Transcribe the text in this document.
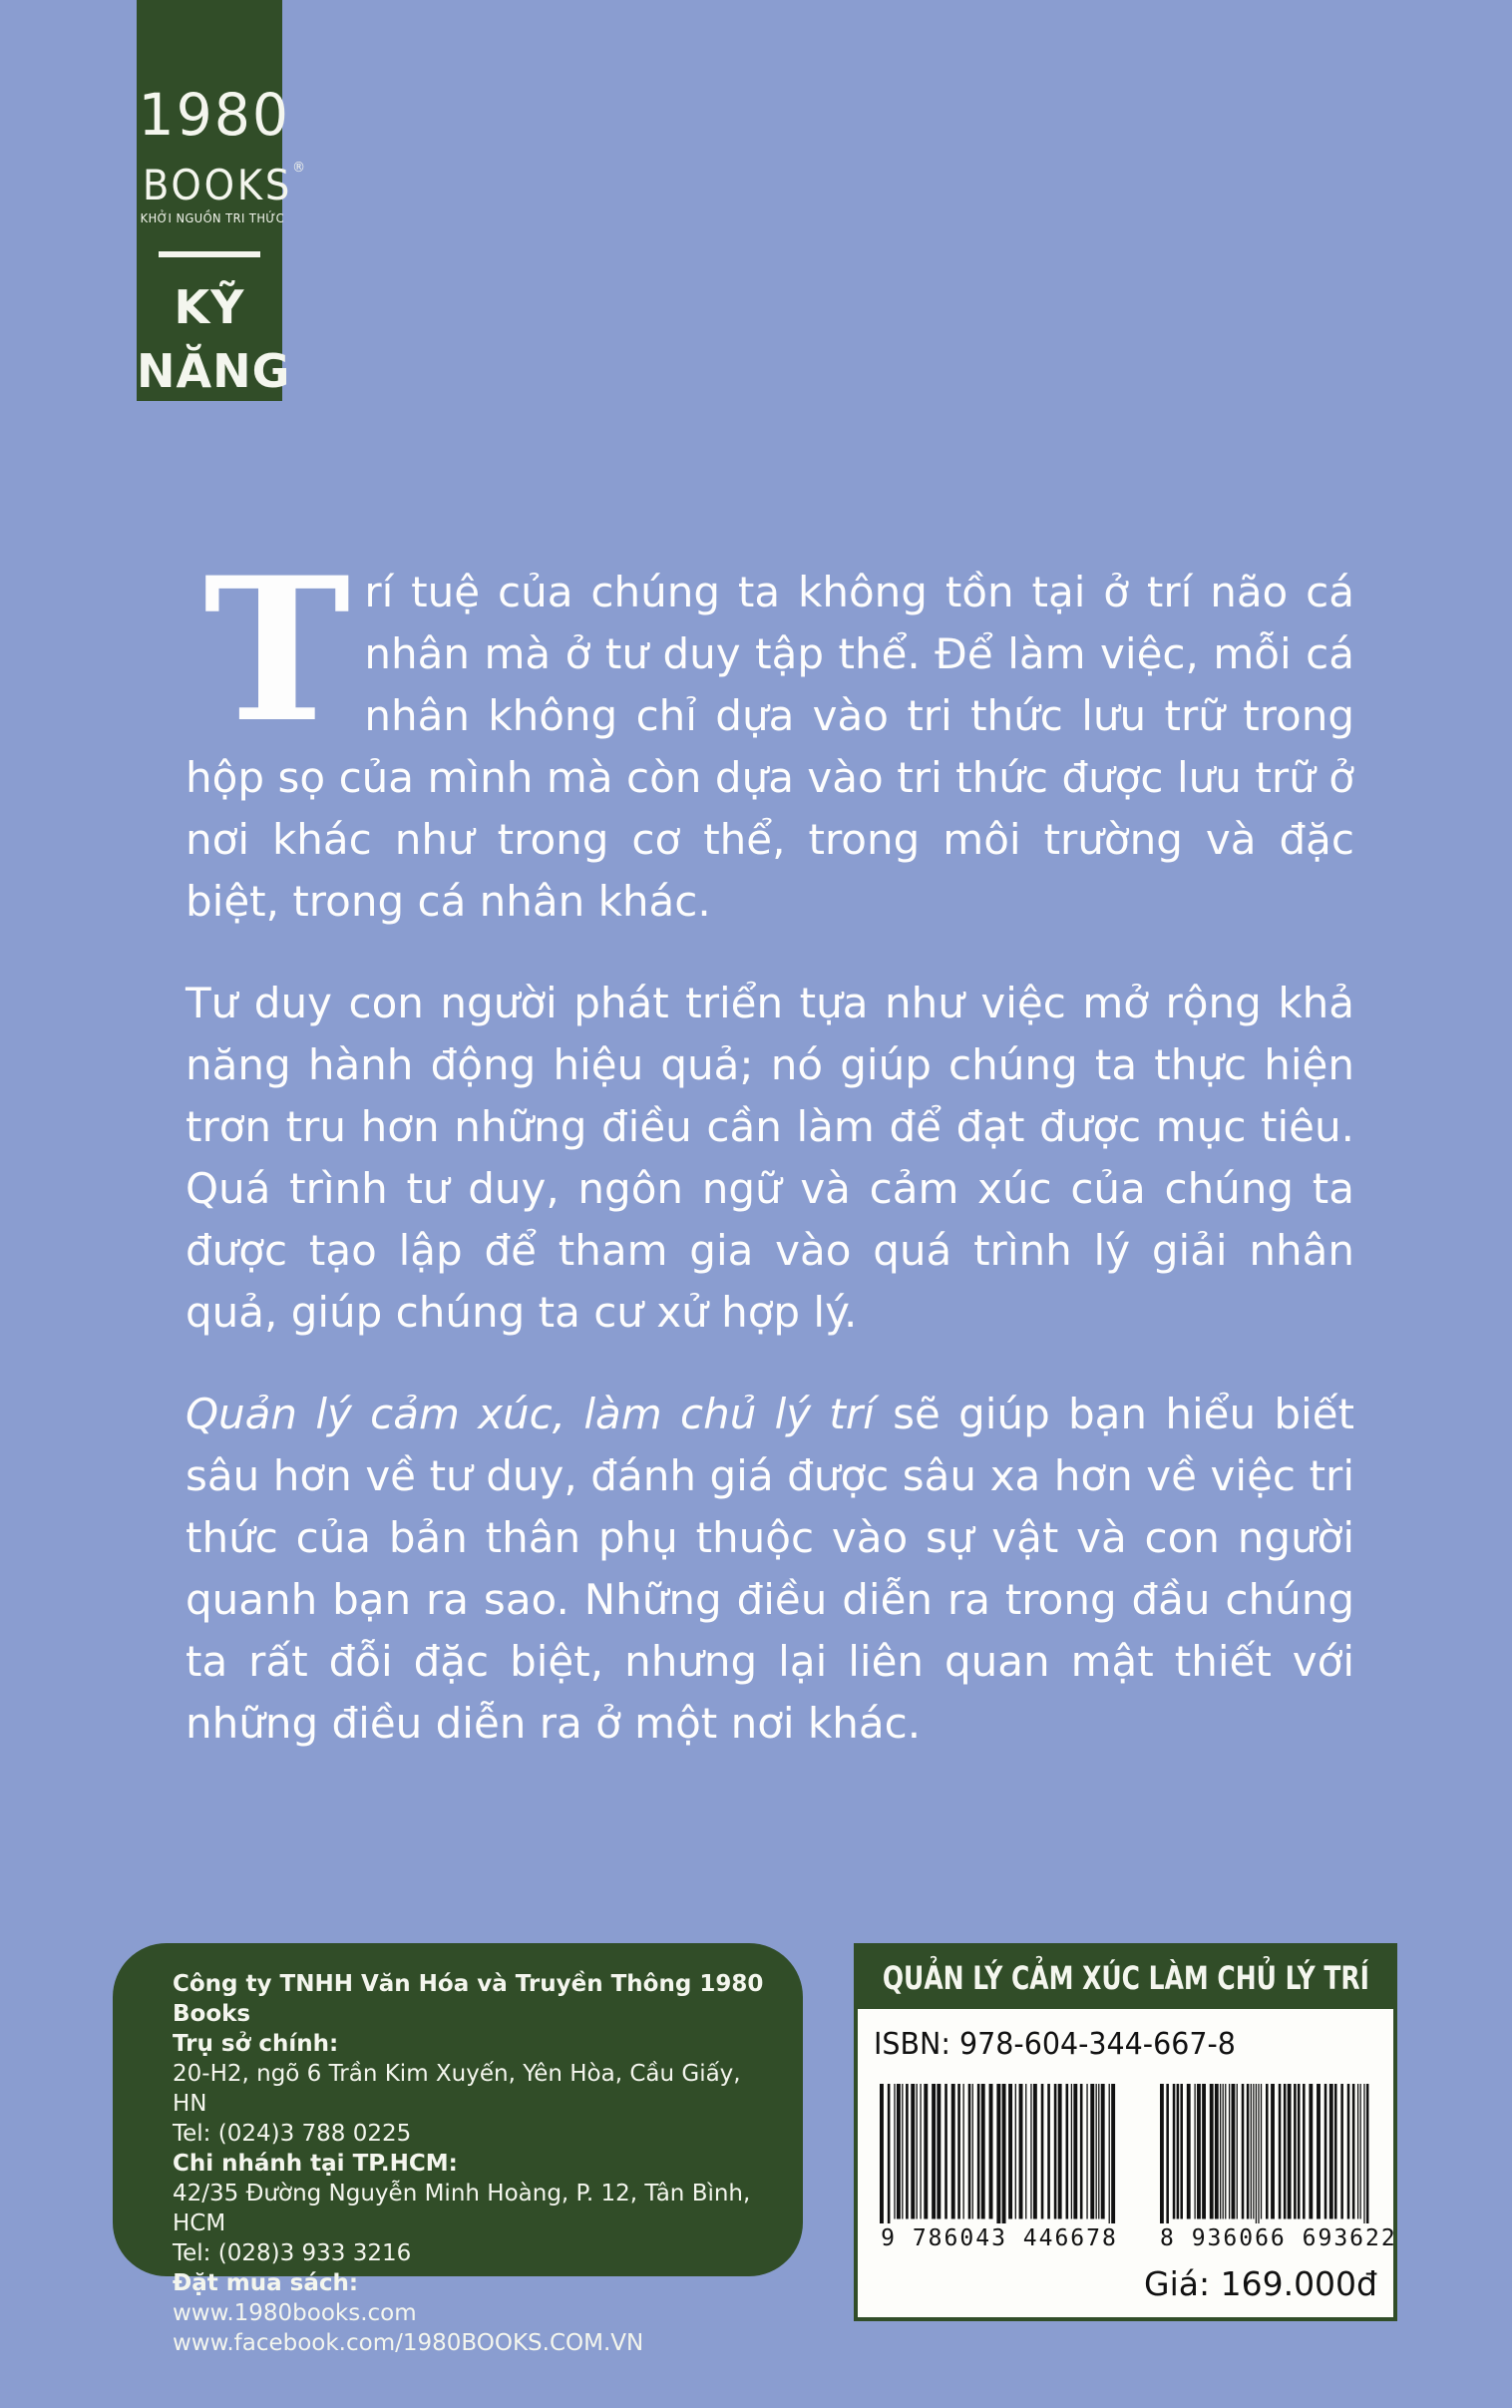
1980
BOOKS®
KHỞI NGUỒN TRI THỨC
KỸ
NĂNG

Trí tuệ của chúng ta không tồn tại ở trí não cá nhân mà ở tư duy tập thể. Để làm việc, mỗi cá nhân không chỉ dựa vào tri thức lưu trữ trong hộp sọ của mình mà còn dựa vào tri thức được lưu trữ ở nơi khác như trong cơ thể, trong môi trường và đặc biệt, trong cá nhân khác.

Tư duy con người phát triển tựa như việc mở rộng khả năng hành động hiệu quả; nó giúp chúng ta thực hiện trơn tru hơn những điều cần làm để đạt được mục tiêu. Quá trình tư duy, ngôn ngữ và cảm xúc của chúng ta được tạo lập để tham gia vào quá trình lý giải nhân quả, giúp chúng ta cư xử hợp lý.

Quản lý cảm xúc, làm chủ lý trí sẽ giúp bạn hiểu biết sâu hơn về tư duy, đánh giá được sâu xa hơn về việc tri thức của bản thân phụ thuộc vào sự vật và con người quanh bạn ra sao. Những điều diễn ra trong đầu chúng ta rất đỗi đặc biệt, nhưng lại liên quan mật thiết với những điều diễn ra ở một nơi khác.

Công ty TNHH Văn Hóa và Truyền Thông 1980 Books
Trụ sở chính:
20-H2, ngõ 6 Trần Kim Xuyến, Yên Hòa, Cầu Giấy, HN
Tel: (024)3 788 0225
Chi nhánh tại TP.HCM:
42/35 Đường Nguyễn Minh Hoàng, P. 12, Tân Bình, HCM
Tel: (028)3 933 3216
Đặt mua sách:
www.1980books.com
www.facebook.com/1980BOOKS.COM.VN
QUẢN LÝ CẢM XÚC LÀM CHỦ LÝ TRÍ
ISBN: 978-604-344-667-8
9 786043 446678 8 936066 693622
Giá: 169.000đ
